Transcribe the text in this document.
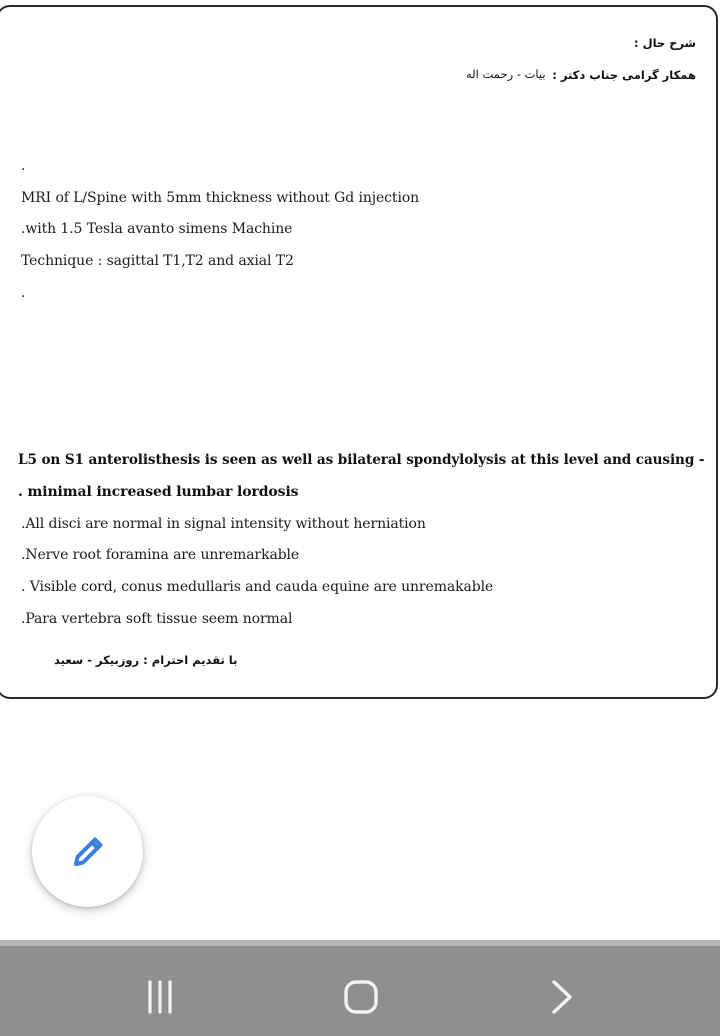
شرح حال :
همکار گرامی جناب دکتر :
بیات - رحمت اله
.
MRI of L/Spine with 5mm thickness without Gd injection
.with 1.5 Tesla avanto simens Machine
Technique : sagittal T1,T2 and axial T2
.
L5 on S1 anterolisthesis is seen as well as bilateral spondylolysis at this level and causing -
. minimal increased lumbar lordosis
.All disci are normal in signal intensity without herniation
.Nerve root foramina are unremarkable
. Visible cord, conus medullaris and cauda equine are unremakable
.Para vertebra soft tissue seem normal
با تقدیم احترام : روزبیکر - سعید
